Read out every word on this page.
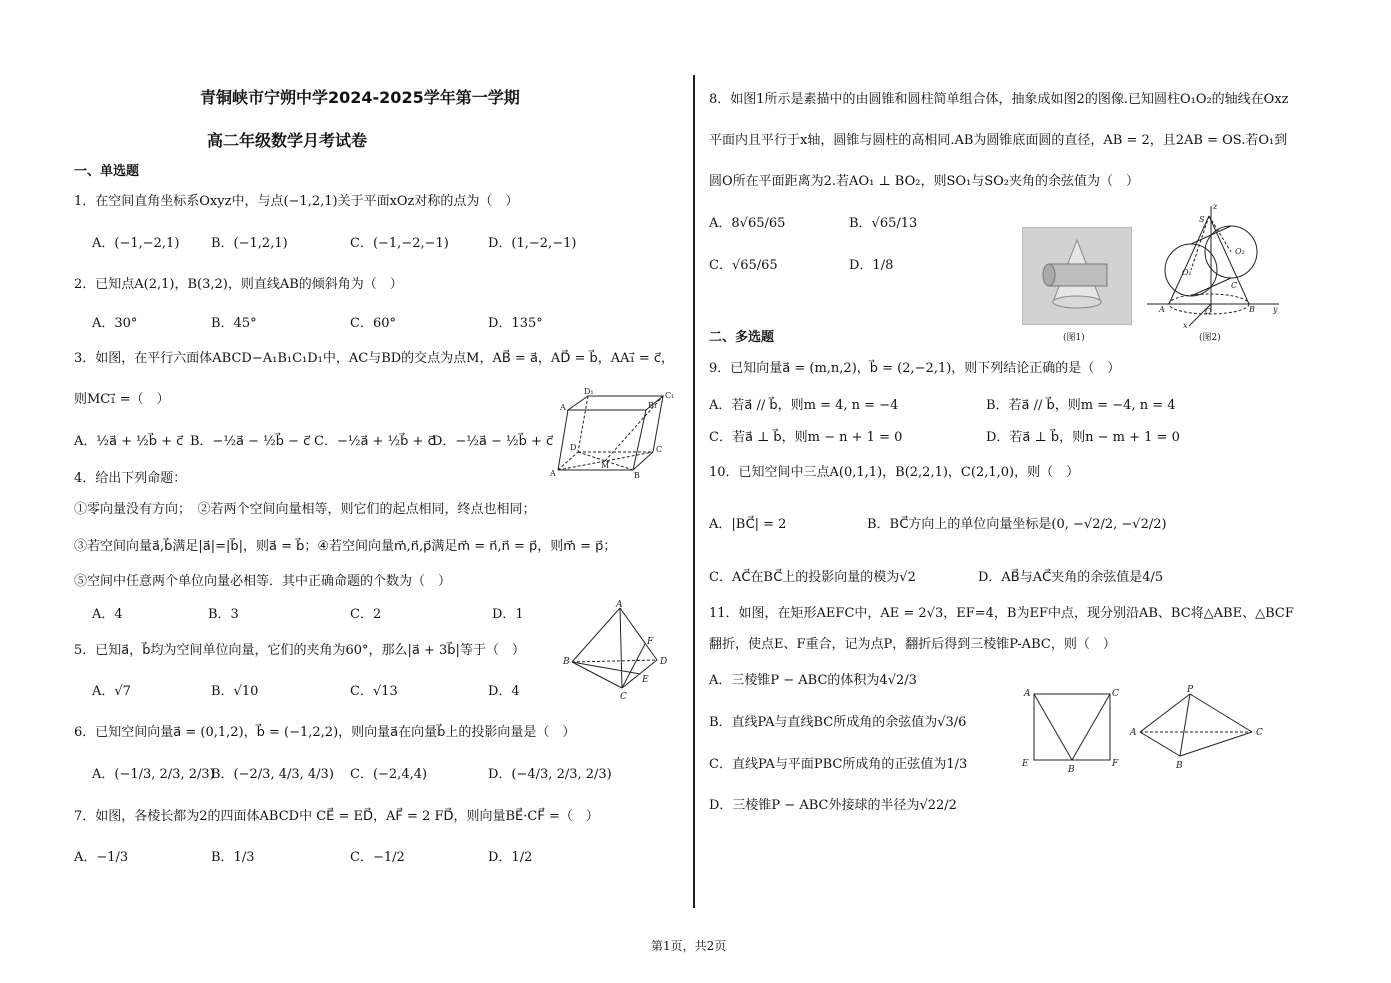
青铜峡市宁朔中学2024-2025学年第一学期
高二年级数学月考试卷
一、单选题
1．在空间直角坐标系Oxyz中，与点(−1,2,1)关于平面xOz对称的点为（　）
A．(−1,−2,1) B．(−1,2,1)	C．(−1,−2,−1)	D．(1,−2,−1)
2．已知点A(2,1)，B(3,2)，则直线AB的倾斜角为（　）
A．30°	B．45°	C．60°	D．135°
3．如图，在平行六面体ABCD−A₁B₁C₁D₁中，AC与BD的交点为点M，AB⃗ = a⃗，AD⃗ = b⃗，AA₁⃗ = c⃗，
则MC₁⃗ =（　）
A．½a⃗ + ½b⃗ + c⃗ B．−½a⃗ − ½b⃗ − c⃗ C．−½a⃗ + ½b⃗ + c⃗
D．−½a⃗ − ½b⃗ + c⃗
A	B₁
D₁	C₁
A	B
D	C
M
4．给出下列命题：
①零向量没有方向；　②若两个空间向量相等，则它们的起点相同，终点也相同；
③若空间向量a⃗,b⃗满足|a⃗|=|b⃗|，则a⃗ = b⃗；④若空间向量m⃗,n⃗,p⃗满足m⃗ = n⃗,n⃗ = p⃗，则m⃗ = p⃗；
⑤空间中任意两个单位向量必相等．其中正确命题的个数为（　）
A．4	B．3	C．2	D．1
A
B	D
C
F
E
5．已知a⃗，b⃗均为空间单位向量，它们的夹角为60°，那么|a⃗ + 3b⃗|等于（　）
A．√7	B．√10	C．√13	D．4
6．已知空间向量a⃗ = (0,1,2)，b⃗ = (−1,2,2)，则向量a⃗在向量b⃗上的投影向量是（　）
A．(−1/3, 2/3, 2/3)
B．(−2/3, 4/3, 4/3) C．(−2,4,4)	D．(−4/3, 2/3, 2/3)
7．如图，各棱长都为2的四面体ABCD中 CE⃗ = ED⃗，AF⃗ = 2 FD⃗，则向量BE⃗·CF⃗ =（　）
A．−1/3	B．1/3	C．−1/2	D．1/2
8．如图1所示是素描中的由圆锥和圆柱简单组合体，抽象成如图2的图像.已知圆柱O₁O₂的轴线在Oxz
平面内且平行于x轴，圆锥与圆柱的高相同.AB为圆锥底面圆的直径，AB = 2，且2AB = OS.若O₁到
圆O所在平面距离为2.若AO₁ ⊥ BO₂，则SO₁与SO₂夹角的余弦值为（　）
A．8√65/65	B．√65/13
C．√65/65	D．1/8
(图1)
S
z
O₂
O₁
C
A	O	B y
x
(图2)
二、多选题
9．已知向量a⃗ = (m,n,2)，b⃗ = (2,−2,1)，则下列结论正确的是（　）
A．若a⃗ // b⃗，则m = 4, n = −4	B．若a⃗ // b⃗，则m = −4, n = 4
C．若a⃗ ⊥ b⃗，则m − n + 1 = 0	D．若a⃗ ⊥ b⃗，则n − m + 1 = 0
10．已知空间中三点A(0,1,1)，B(2,2,1)，C(2,1,0)，则（　）
A．|BC⃗| = 2	B．BC⃗方向上的单位向量坐标是(0, −√2/2, −√2/2)
C．AC⃗在BC⃗上的投影向量的模为√2	D．AB⃗与AC⃗夹角的余弦值是4/5
11．如图，在矩形AEFC中，AE = 2√3，EF=4，B为EF中点，现分别沿AB、BC将△ABE、△BCF
翻折，使点E、F重合，记为点P，翻折后得到三棱锥P-ABC，则（　）
A．三棱锥P − ABC的体积为4√2/3
B．直线PA与直线BC所成角的余弦值为√3/6
C．直线PA与平面PBC所成角的正弦值为1/3
D．三棱锥P − ABC外接球的半径为√22/2
A	C
E
B
F
P
A	C
B
第1页，共2页
